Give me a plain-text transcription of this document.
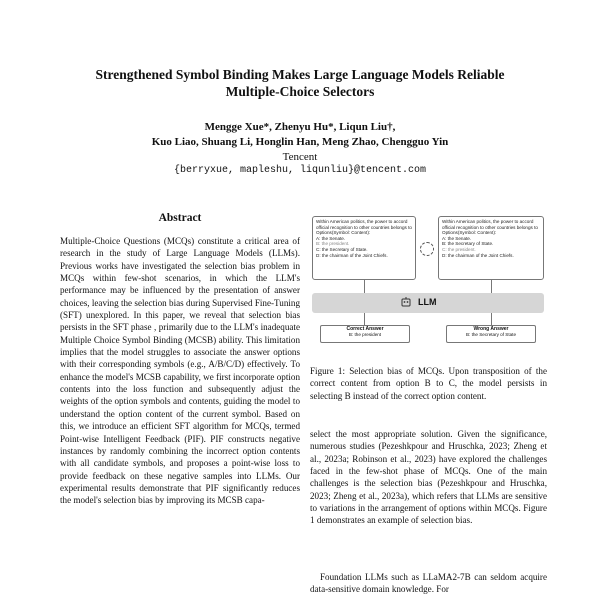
Strengthened Symbol Binding Makes Large Language Models Reliable
Multiple-Choice Selectors
Mengge Xue*, Zhenyu Hu*, Liqun Liu†,
Kuo Liao, Shuang Li, Honglin Han, Meng Zhao, Chengguo Yin
Tencent
{berryxue, mapleshu, liqunliu}@tencent.com
Abstract
Multiple-Choice Questions (MCQs) constitute a critical area of research in the study of Large Language Models (LLMs). Previous works have investigated the selection bias problem in MCQs within few-shot scenarios, in which the LLM's performance may be influenced by the presentation of answer choices, leaving the selection bias during Supervised Fine-Tuning (SFT) unexplored. In this paper, we reveal that selection bias persists in the SFT phase , primarily due to the LLM's inadequate Multiple Choice Symbol Binding (MCSB) ability. This limitation implies that the model struggles to associate the answer options with their corresponding symbols (e.g., A/B/C/D) effectively. To enhance the model's MCSB capability, we first incorporate option contents into the loss function and subsequently adjust the weights of the option symbols and contents, guiding the model to understand the option content of the current symbol. Based on this, we introduce an efficient SFT algorithm for MCQs, termed Point-wise Intelligent Feedback (PIF). PIF constructs negative instances by randomly combining the incorrect option contents with all candidate symbols, and proposes a point-wise loss to provide feedback on these negative samples into LLMs. Our experimental results demonstrate that PIF significantly reduces the model's selection bias by improving its MCSB capa-
Within American politics, the power to accord official recognition to other countries belongs to
Options(Symbol: Content):
A: the Senate.
B: the president.
C: the Secretary of State.
D: the chairman of the Joint Chiefs.
Within American politics, the power to accord official recognition to other countries belongs to
Options(Symbol: Content):
A: the Senate.
B: the Secretary of State.
C: the president.
D: the chairman of the Joint Chiefs.
LLM
Correct Answer
B: the president
Wrong Answer
B: the Secretary of State
Figure 1: Selection bias of MCQs. Upon transposition of the correct content from option B to C, the model persists in selecting B instead of the correct option content.
select the most appropriate solution. Given the significance, numerous studies (Pezeshkpour and Hruschka, 2023; Zheng et al., 2023a; Robinson et al., 2023) have explored the challenges faced in the few-shot phase of MCQs. One of the main challenges is the selection bias (Pezeshkpour and Hruschka, 2023; Zheng et al., 2023a), which refers that LLMs are sensitive to variations in the arrangement of options within MCQs. Figure 1 demonstrates an example of selection bias.
Foundation LLMs such as LLaMA2-7B can seldom acquire data-sensitive domain knowledge. For
